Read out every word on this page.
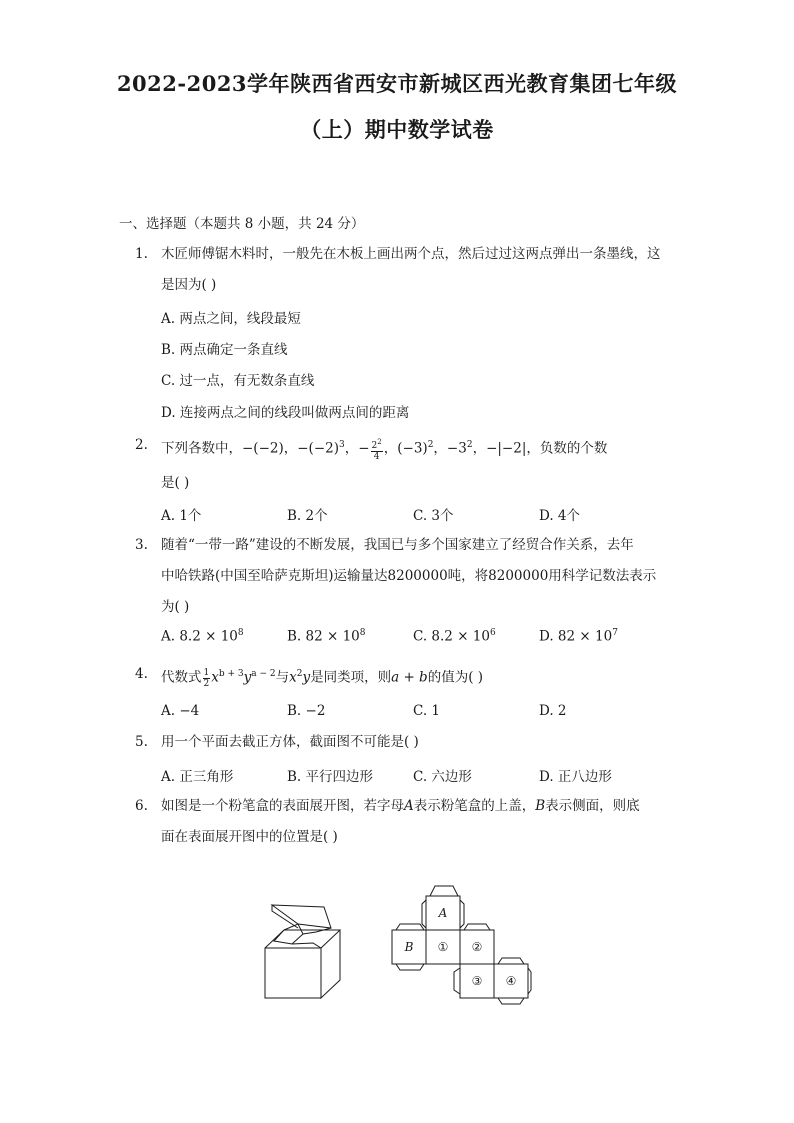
2022-2023学年陕西省西安市新城区西光教育集团七年级
（上）期中数学试卷
一、选择题（本题共 8 小题，共 24 分）
1. 木匠师傅锯木料时，一般先在木板上画出两个点，然后过过这两点弹出一条墨线，这
是因为( )
A. 两点之间，线段最短
B. 两点确定一条直线
C. 过一点，有无数条直线
D. 连接两点之间的线段叫做两点间的距离
2. 下列各数中，−(−2)，$-(-2)^3$，− $\frac{2^2}{4}$ ，$(-3)^2$，$-3^2$，−|−2|，负数的个数
是( )
A. 1个	B. 2个	C. 3个	D. 4个
3. 随着“一带一路”建设的不断发展，我国已与多个国家建立了经贸合作关系，去年
中哈铁路(中国至哈萨克斯坦)运输量达8200000吨，将8200000用科学记数法表示
为( )
A. $8.2 \times 10^8$	B. $82 \times 10^8$	C. $8.2 \times 10^6$	D. $82 \times 10^7$
4. 代数式 $\frac{1}{2} x^{b + 3}y^{a - 2}$与$x^2y$是同类项，则a + b的值为( )
A. −4	B. −2	C. 1	D. 2
5. 用一个平面去截正方体，截面图不可能是( )
A. 正三角形	B. 平行四边形	C. 六边形	D. 正八边形
6. 如图是一个粉笔盒的表面展开图，若字母A表示粉笔盒的上盖，B表示侧面，则底
面在表面展开图中的位置是( )
A
B ① ②
③ ④
